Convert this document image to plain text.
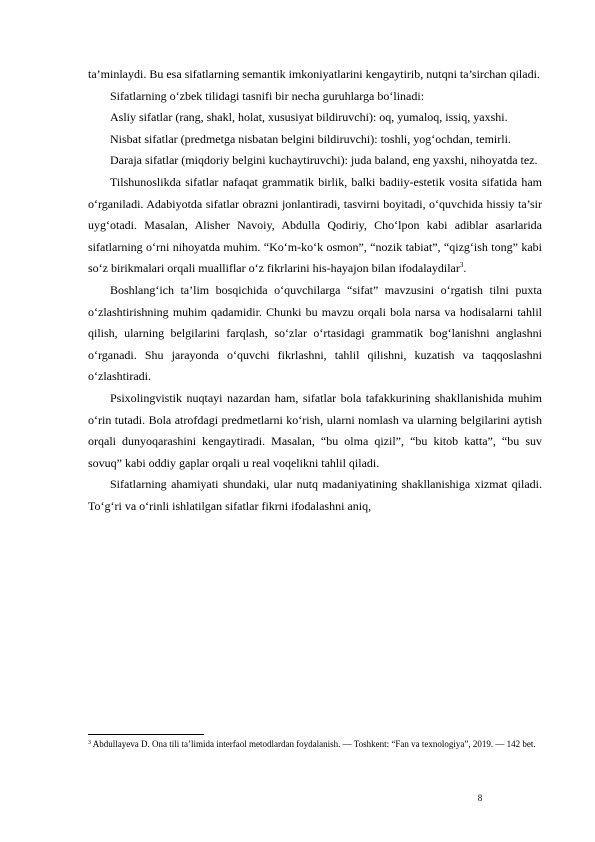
ta’minlaydi. Bu esa sifatlarning semantik imkoniyatlarini kengaytirib, nutqni ta’sirchan qiladi.

Sifatlarning o‘zbek tilidagi tasnifi bir necha guruhlarga bo‘linadi:

Asliy sifatlar (rang, shakl, holat, xususiyat bildiruvchi): oq, yumaloq, issiq, yaxshi.

Nisbat sifatlar (predmetga nisbatan belgini bildiruvchi): toshli, yog‘ochdan, temirli.

Daraja sifatlar (miqdoriy belgini kuchaytiruvchi): juda baland, eng yaxshi, nihoyatda tez.

Tilshunoslikda sifatlar nafaqat grammatik birlik, balki badiiy-estetik vosita sifatida ham o‘rganiladi. Adabiyotda sifatlar obrazni jonlantiradi, tasvirni boyitadi, o‘quvchida hissiy ta’sir uyg‘otadi. Masalan, Alisher Navoiy, Abdulla Qodiriy, Cho‘lpon kabi adiblar asarlarida sifatlarning o‘rni nihoyatda muhim. “Ko‘m-ko‘k osmon”, “nozik tabiat”, “qizg‘ish tong” kabi so‘z birikmalari orqali mualliflar o‘z fikrlarini his-hayajon bilan ifodalaydilar$^3$.

Boshlang‘ich ta’lim bosqichida o‘quvchilarga “sifat” mavzusini o‘rgatish tilni puxta o‘zlashtirishning muhim qadamidir. Chunki bu mavzu orqali bola narsa va hodisalarni tahlil qilish, ularning belgilarini farqlash, so‘zlar o‘rtasidagi grammatik bog‘lanishni anglashni o‘rganadi. Shu jarayonda o‘quvchi fikrlashni, tahlil qilishni, kuzatish va taqqoslashni o‘zlashtiradi.

Psixolingvistik nuqtayi nazardan ham, sifatlar bola tafakkurining shakllanishida muhim o‘rin tutadi. Bola atrofdagi predmetlarni ko‘rish, ularni nomlash va ularning belgilarini aytish orqali dunyoqarashini kengaytiradi. Masalan, “bu olma qizil”, “bu kitob katta”, “bu suv sovuq” kabi oddiy gaplar orqali u real voqelikni tahlil qiladi.

Sifatlarning ahamiyati shundaki, ular nutq madaniyatining shakllanishiga xizmat qiladi. To‘g‘ri va o‘rinli ishlatilgan sifatlar fikrni ifodalashni aniq,

$^3$ Abdullayeva D. Ona tili ta’limida interfaol metodlardan foydalanish. — Toshkent: “Fan va texnologiya”, 2019. — 142 bet.

8
